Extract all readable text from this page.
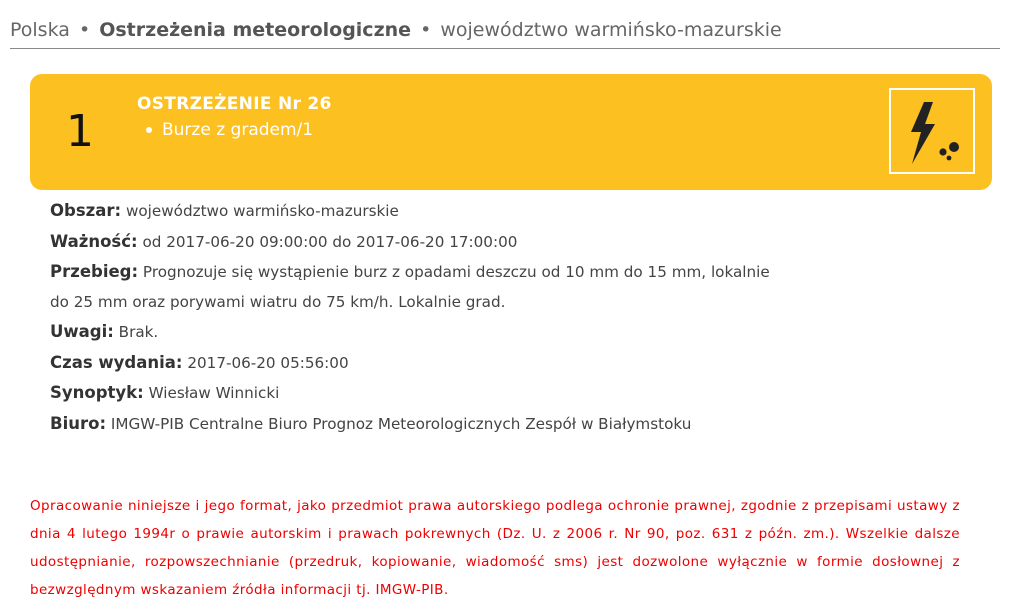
Polska • Ostrzeżenia meteorologiczne • województwo warmińsko-mazurskie
1
OSTRZEŻENIE Nr 26
Burze z gradem/1
Obszar: województwo warmińsko-mazurskie
Ważność: od 2017-06-20 09:00:00 do 2017-06-20 17:00:00
Przebieg: Prognozuje się wystąpienie burz z opadami deszczu od 10 mm do 15 mm, lokalnie
do 25 mm oraz porywami wiatru do 75 km/h. Lokalnie grad.
Uwagi: Brak.
Czas wydania: 2017-06-20 05:56:00
Synoptyk: Wiesław Winnicki
Biuro: IMGW-PIB Centralne Biuro Prognoz Meteorologicznych Zespół w Białymstoku
Opracowanie niniejsze i jego format, jako przedmiot prawa autorskiego podlega ochronie prawnej, zgodnie z przepisami ustawy z dnia 4 lutego 1994r o prawie autorskim i prawach pokrewnych (Dz. U. z 2006 r. Nr 90, poz. 631 z późn. zm.). Wszelkie dalsze udostępnianie, rozpowszechnianie (przedruk, kopiowanie, wiadomość sms) jest dozwolone wyłącznie w formie dosłownej z bezwzględnym wskazaniem źródła informacji tj. IMGW-PIB.
